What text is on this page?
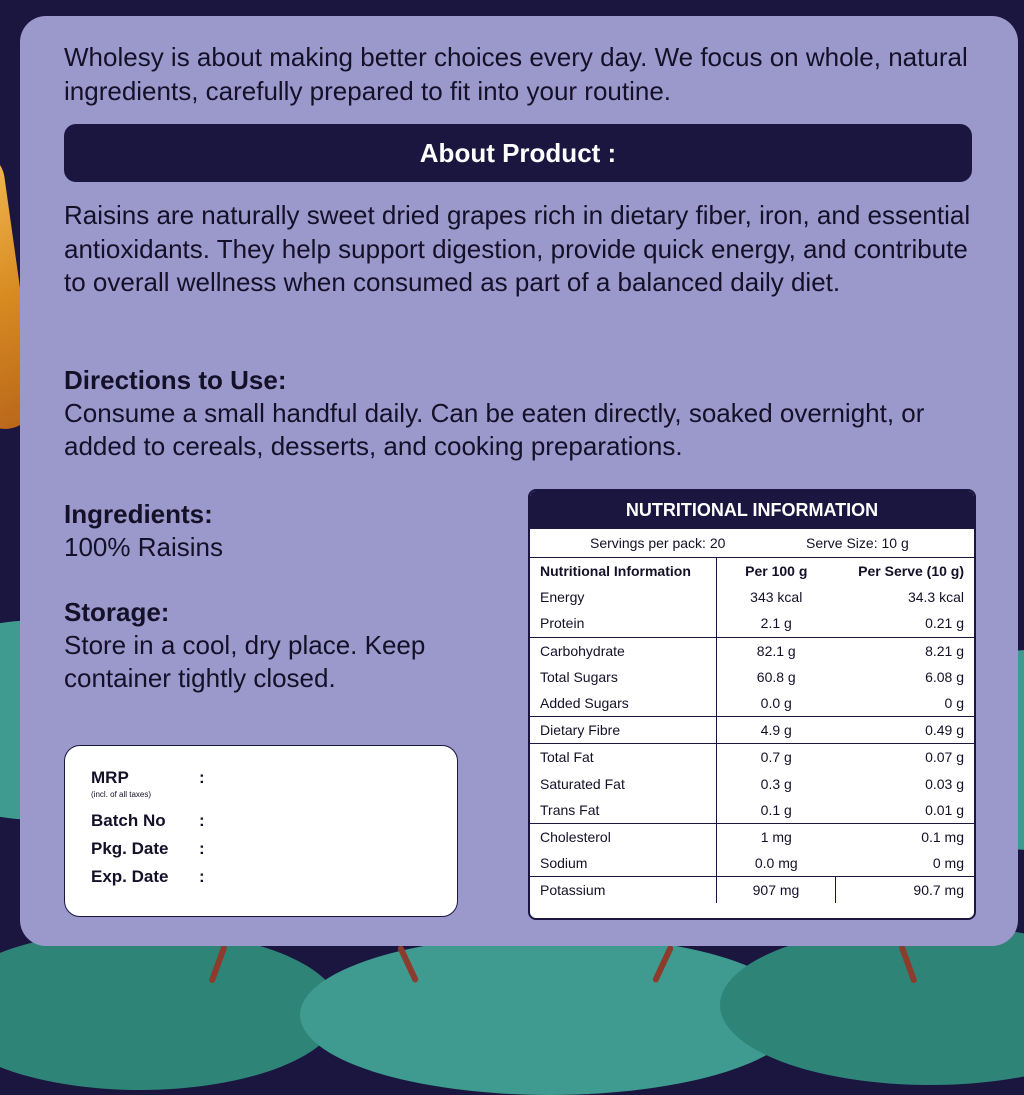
Wholesy is about making better choices every day. We focus on whole, natural ingredients, carefully prepared to fit into your routine.

About Product :

Raisins are naturally sweet dried grapes rich in dietary fiber, iron, and essential antioxidants. They help support digestion, provide quick energy, and contribute to overall wellness when consumed as part of a balanced daily diet.

Directions to Use:

Consume a small handful daily. Can be eaten directly, soaked overnight, or added to cereals, desserts, and cooking preparations.

Ingredients:

100% Raisins

Storage:

Store in a cool, dry place. Keep container tightly closed.

MRP	:
(incl. of all taxes)
Batch No :
Pkg. Date :
Exp. Date :
NUTRITIONAL INFORMATION
Servings per pack: 20	Serve Size: 10 g
Nutritional Information	Per 100 g	Per Serve (10 g)
Energy	343 kcal	34.3 kcal
Protein	2.1 g	0.21 g
Carbohydrate	82.1 g	8.21 g
Total Sugars	60.8 g	6.08 g
Added Sugars	0.0 g	0 g
Dietary Fibre	4.9 g	0.49 g
Total Fat	0.7 g	0.07 g
Saturated Fat	0.3 g	0.03 g
Trans Fat	0.1 g	0.01 g
Cholesterol	1 mg	0.1 mg
Sodium	0.0 mg	0 mg
Potassium	907 mg	90.7 mg
